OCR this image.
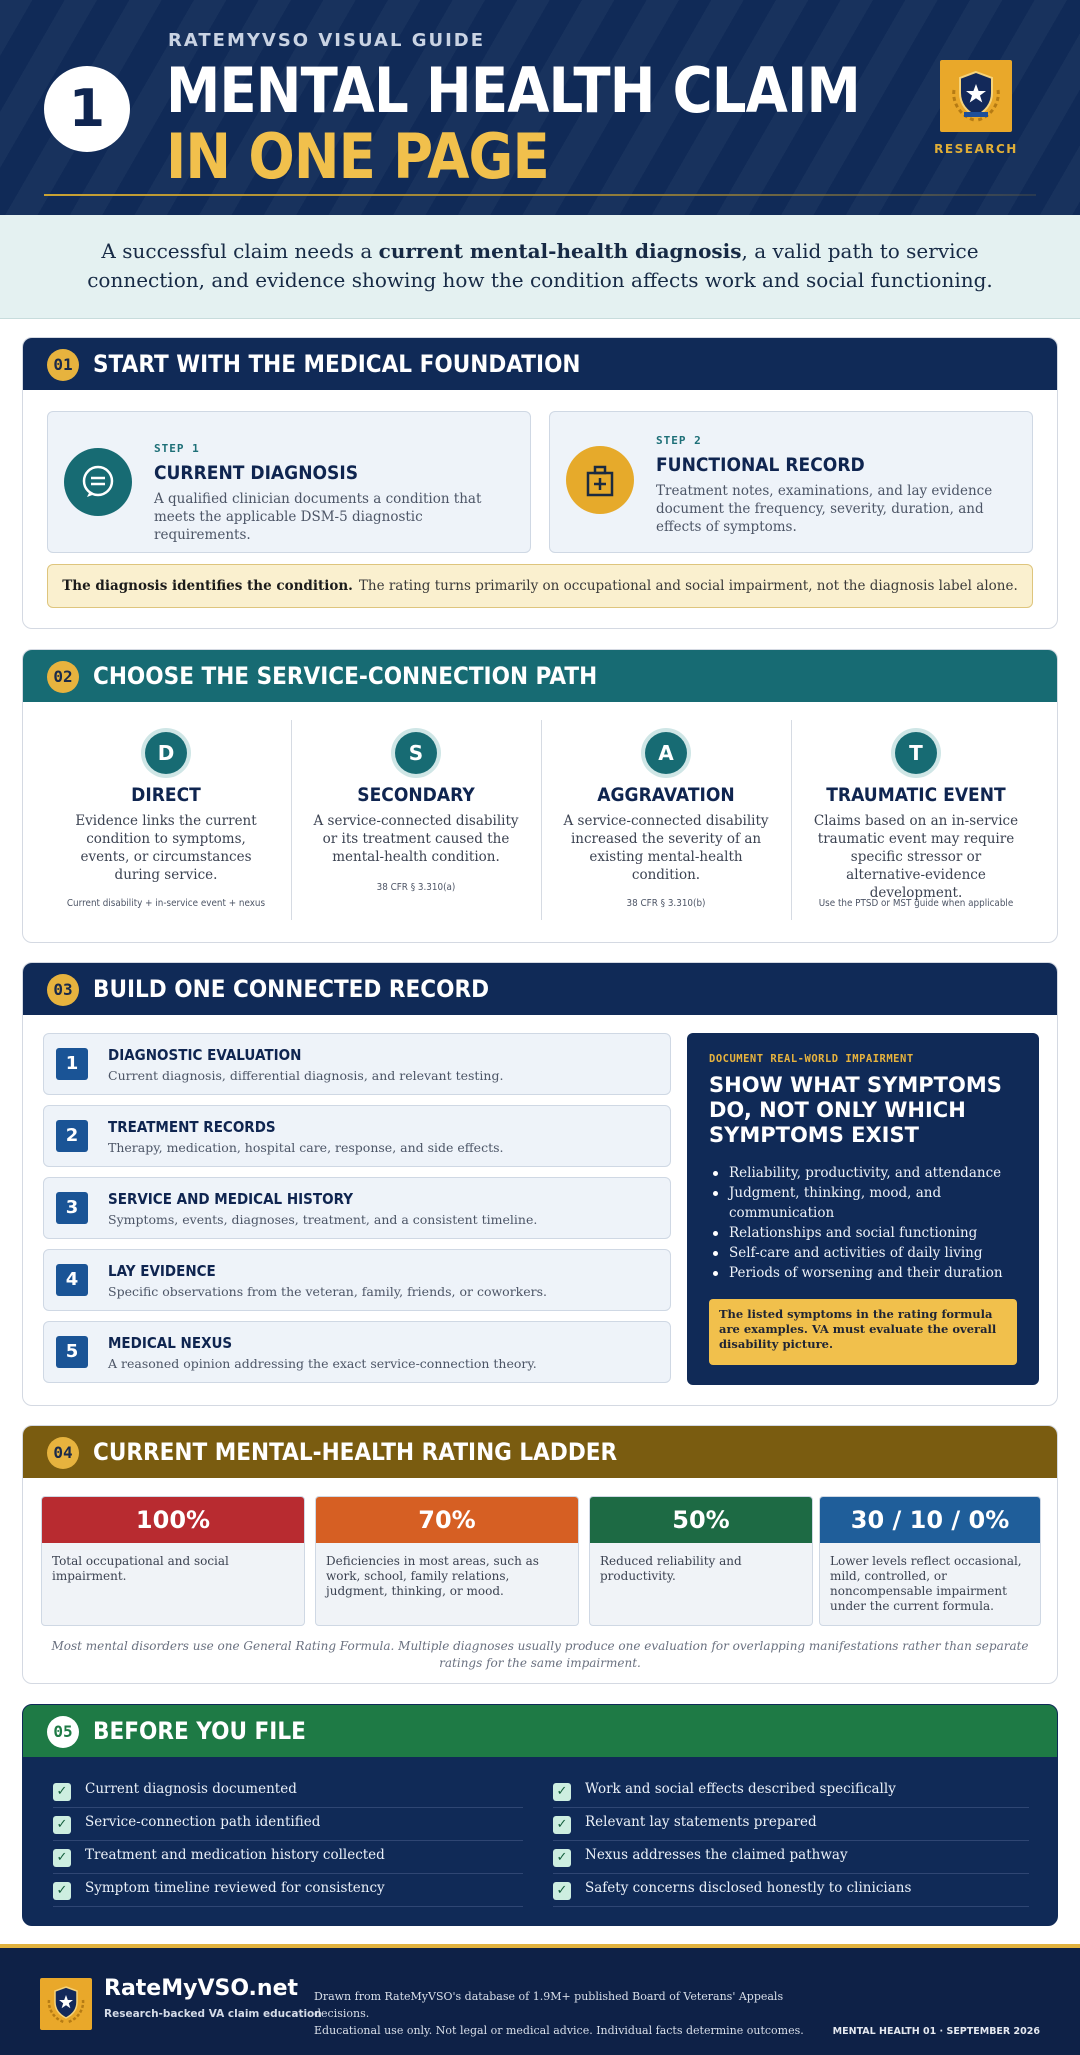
1
RATEMYVSO VISUAL GUIDE
MENTAL HEALTH CLAIM
IN ONE PAGE	RESEARCH

A successful claim needs a current mental-health diagnosis, a valid path to service connection, and evidence showing how the condition affects work and social functioning.

01 START WITH THE MEDICAL FOUNDATION
STEP 1
CURRENT DIAGNOSIS
A qualified clinician documents a condition that meets the applicable DSM-5 diagnostic requirements.
STEP 2
FUNCTIONAL RECORD
Treatment notes, examinations, and lay evidence document the frequency, severity, duration, and effects of symptoms.
The diagnosis identifies the condition. The rating turns primarily on occupational and social impairment, not the diagnosis label alone.
02 CHOOSE THE SERVICE-CONNECTION PATH
D
DIRECT
Evidence links the current condition to symptoms, events, or circumstances during service.
Current disability + in-service event + nexus
S
SECONDARY
A service-connected disability or its treatment caused the mental-health condition.
38 CFR § 3.310(a)
A
AGGRAVATION
A service-connected disability increased the severity of an existing mental-health condition.
38 CFR § 3.310(b)
T
TRAUMATIC EVENT
Claims based on an in-service traumatic event may require specific stressor or alternative-evidence development.
Use the PTSD or MST guide when applicable
03 BUILD ONE CONNECTED RECORD
1	DIAGNOSTIC EVALUATION
Current diagnosis, differential diagnosis, and relevant testing.
2	TREATMENT RECORDS
Therapy, medication, hospital care, response, and side effects.
3	SERVICE AND MEDICAL HISTORY
Symptoms, events, diagnoses, treatment, and a consistent timeline.
4	LAY EVIDENCE
Specific observations from the veteran, family, friends, or coworkers.
5	MEDICAL NEXUS
A reasoned opinion addressing the exact service-connection theory.
DOCUMENT REAL-WORLD IMPAIRMENT
SHOW WHAT SYMPTOMS DO, NOT ONLY WHICH SYMPTOMS EXIST
Reliability, productivity, and attendance
Judgment, thinking, mood, and communication
Relationships and social functioning
Self-care and activities of daily living
Periods of worsening and their duration
The listed symptoms in the rating formula are examples. VA must evaluate the overall disability picture.
04 CURRENT MENTAL-HEALTH RATING LADDER
100%
Total occupational and social impairment.
70%
Deficiencies in most areas, such as work, school, family relations, judgment, thinking, or mood.
50%
Reduced reliability and productivity.
30 / 10 / 0%
Lower levels reflect occasional, mild, controlled, or noncompensable impairment under the current formula.
Most mental disorders use one General Rating Formula. Multiple diagnoses usually produce one evaluation for overlapping manifestations rather than separate ratings for the same impairment.
05 BEFORE YOU FILE
✓ Current diagnosis documented
✓ Service-connection path identified
✓ Treatment and medication history collected
✓ Symptom timeline reviewed for consistency
✓ Work and social effects described specifically
✓ Relevant lay statements prepared
✓ Nexus addresses the claimed pathway
✓ Safety concerns disclosed honestly to clinicians
RateMyVSO.net
Research-backed VA claim education
Drawn from RateMyVSO's database of 1.9M+ published Board of Veterans' Appeals decisions.
Educational use only. Not legal or medical advice. Individual facts determine outcomes.	MENTAL HEALTH 01 · SEPTEMBER 2026
